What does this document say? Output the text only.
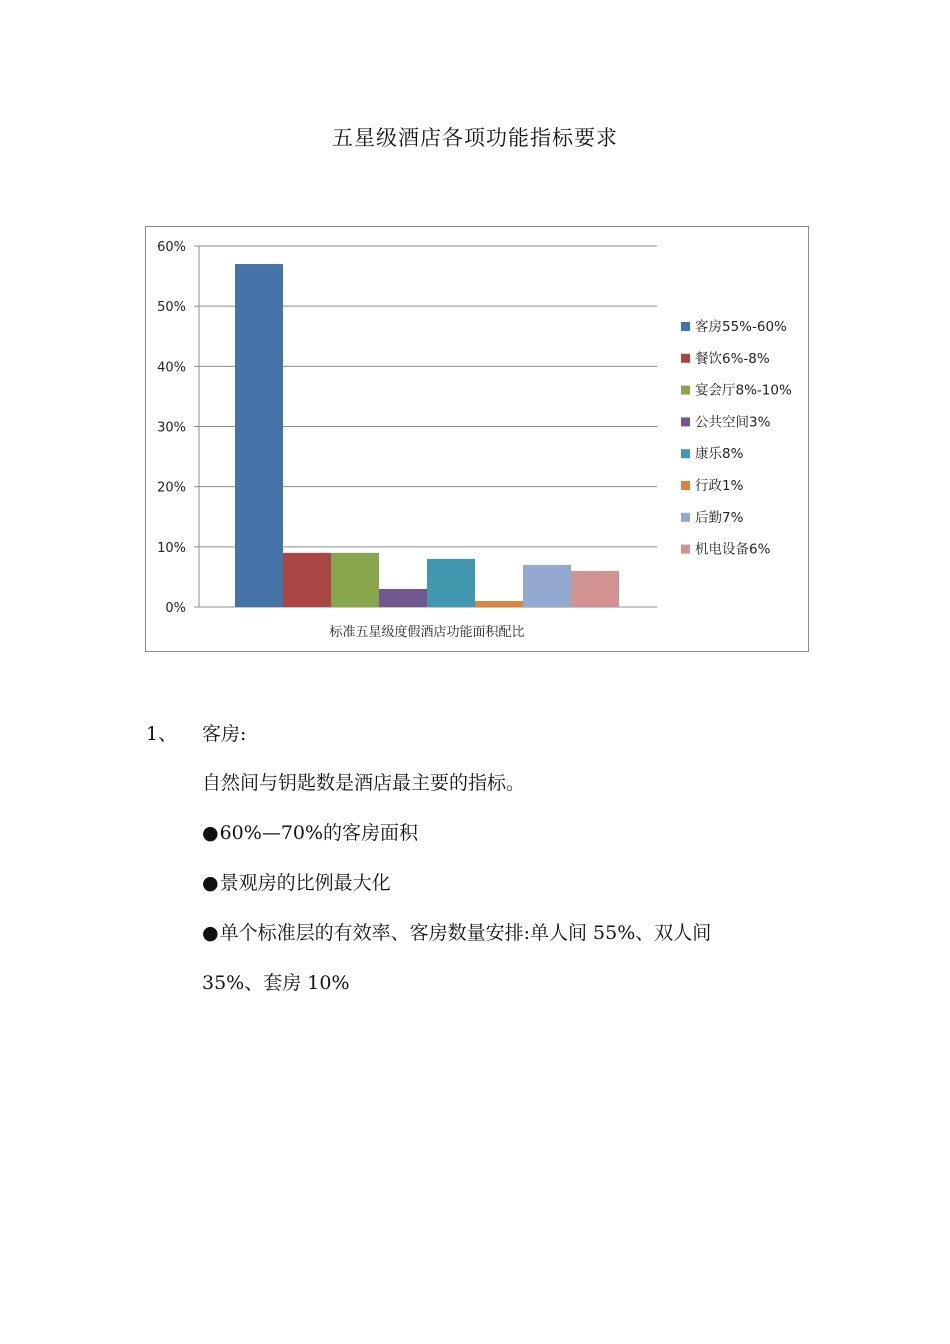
五星级酒店各项功能指标要求
0%
10%
20%
30%
40%
50%
60%
客房55%-60%
餐饮6%-8%
宴会厅8%-10%
公共空间3%
康乐8%
行政1%
后勤7%
机电设备6%
标准五星级度假酒店功能面积配比
1、 客房:
自然间与钥匙数是酒店最主要的指标。
●60%—70%的客房面积
●景观房的比例最大化
●单个标准层的有效率、客房数量安排:单人间 55%、双人间
35%、套房 10%
